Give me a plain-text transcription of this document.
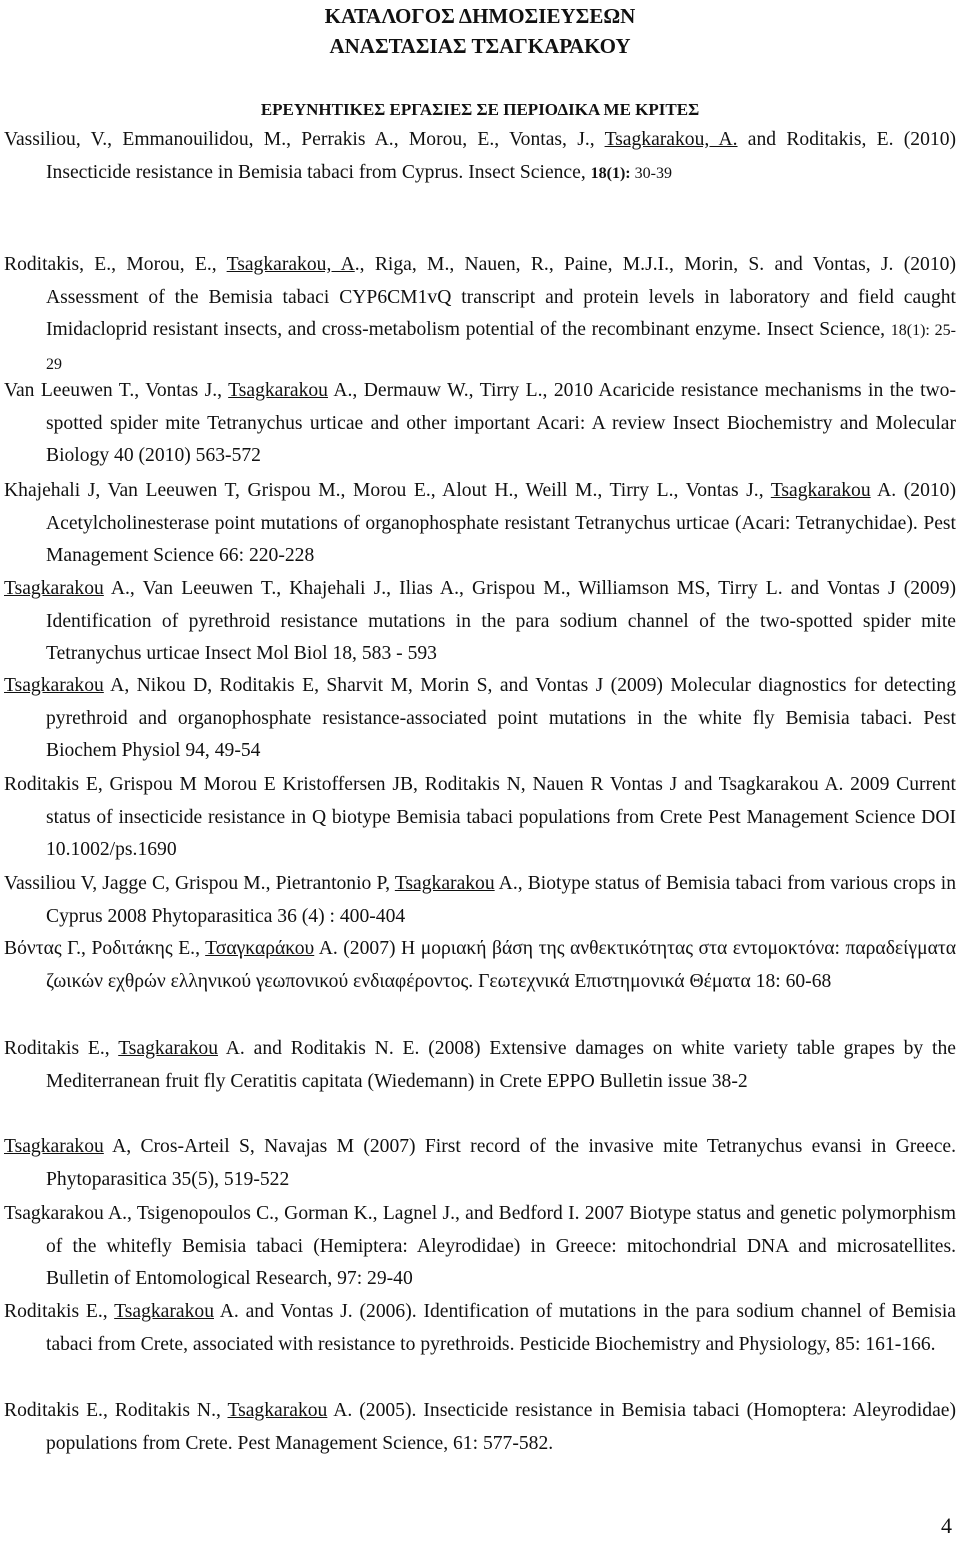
ΚΑΤΑΛΟΓΟΣ ΔΗΜΟΣΙΕΥΣΕΩΝ
ΑΝΑΣΤΑΣΙΑΣ ΤΣΑΓΚΑΡΑΚΟΥ
ΕΡΕΥΝΗΤΙΚΕΣ ΕΡΓΑΣΙΕΣ ΣΕ ΠΕΡΙΟΔΙΚΑ ΜΕ ΚΡΙΤΕΣ

Vassiliou, V., Emmanouilidou, M., Perrakis A., Morou, E., Vontas, J., Tsagkarakou, A. and Roditakis, E. (2010) Insecticide resistance in Bemisia tabaci from Cyprus. Insect Science, 18(1): 30-39

Roditakis, E., Morou, E., Tsagkarakou, A., Riga, M., Nauen, R., Paine, M.J.I., Morin, S. and Vontas, J. (2010) Assessment of the Bemisia tabaci CYP6CM1vQ transcript and protein levels in laboratory and field caught Imidacloprid resistant insects, and cross-metabolism potential of the recombinant enzyme. Insect Science, 18(1): 25-29

Van Leeuwen T., Vontas J., Tsagkarakou A., Dermauw W., Tirry L., 2010 Acaricide resistance mechanisms in the two-spotted spider mite Tetranychus urticae and other important Acari: A review Insect Biochemistry and Molecular Biology 40 (2010) 563-572

Khajehali J, Van Leeuwen T, Grispou M., Morou E., Alout H., Weill M., Tirry L., Vontas J., Tsagkarakou A. (2010) Acetylcholinesterase point mutations of organophosphate resistant Tetranychus urticae (Acari: Tetranychidae). Pest Management Science 66: 220-228

Tsagkarakou A., Van Leeuwen T., Khajehali J., Ilias A., Grispou M., Williamson MS, Tirry L. and Vontas J (2009) Identification of pyrethroid resistance mutations in the para sodium channel of the two-spotted spider mite Tetranychus urticae Insect Mol Biol 18, 583 - 593

Tsagkarakou A, Nikou D, Roditakis E, Sharvit M, Morin S, and Vontas J (2009) Molecular diagnostics for detecting pyrethroid and organophosphate resistance-associated point mutations in the white fly Bemisia tabaci. Pest Biochem Physiol 94, 49-54

Roditakis E, Grispou M Morou E Kristoffersen JB, Roditakis N, Nauen R Vontas J and Tsagkarakou A. 2009 Current status of insecticide resistance in Q biotype Bemisia tabaci populations from Crete Pest Management Science DOI 10.1002/ps.1690

Vassiliou V, Jagge C, Grispou M., Pietrantonio P, Tsagkarakou A., Biotype status of Bemisia tabaci from various crops in Cyprus 2008 Phytoparasitica 36 (4) : 400-404

Βόντας Γ., Ροδιτάκης Ε., Τσαγκαράκου Α. (2007) Η μοριακή βάση της ανθεκτικότητας στα εντομοκτόνα: παραδείγματα ζωικών εχθρών ελληνικού γεωπονικού ενδιαφέροντος. Γεωτεχνικά Επιστημονικά Θέματα 18: 60-68

Roditakis E., Tsagkarakou A. and Roditakis N. E. (2008) Extensive damages on white variety table grapes by the Mediterranean fruit fly Ceratitis capitata (Wiedemann) in Crete EPPO Bulletin issue 38-2

Tsagkarakou A, Cros-Arteil S, Navajas M (2007) First record of the invasive mite Tetranychus evansi in Greece. Phytoparasitica 35(5), 519-522

Tsagkarakou A., Tsigenopoulos C., Gorman K., Lagnel J., and Bedford I. 2007 Biotype status and genetic polymorphism of the whitefly Bemisia tabaci (Hemiptera: Aleyrodidae) in Greece: mitochondrial DNA and microsatellites. Bulletin of Entomological Research, 97: 29-40

Roditakis E., Tsagkarakou A. and Vontas J. (2006). Identification of mutations in the para sodium channel of Bemisia tabaci from Crete, associated with resistance to pyrethroids. Pesticide Biochemistry and Physiology, 85: 161-166.

Roditakis E., Roditakis N., Tsagkarakou A. (2005). Insecticide resistance in Bemisia tabaci (Homoptera: Aleyrodidae) populations from Crete. Pest Management Science, 61: 577-582.

4
